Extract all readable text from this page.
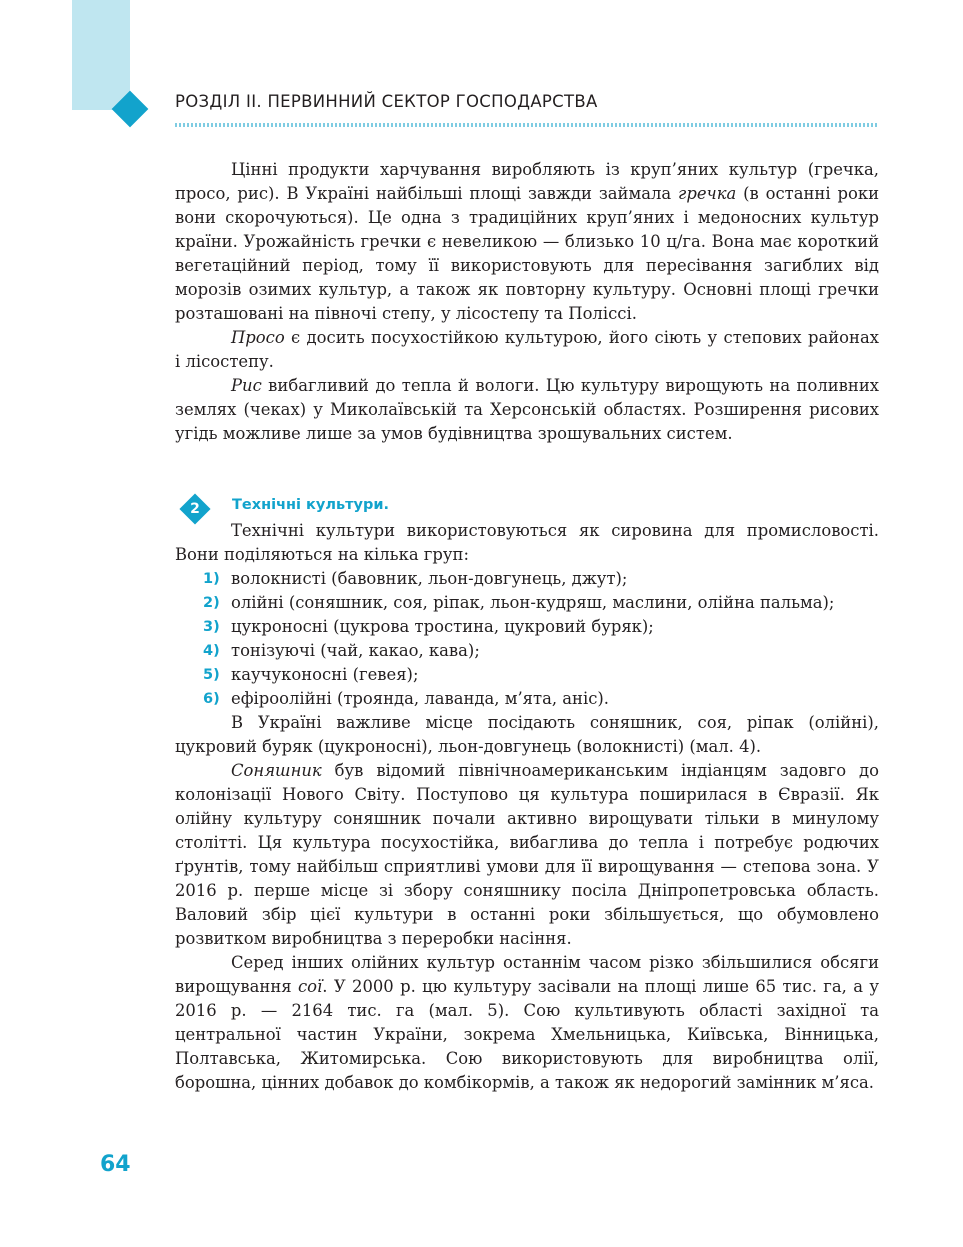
РОЗДІЛ ІІ. ПЕРВИННИЙ СЕКТОР ГОСПОДАРСТВА

Цінні продукти харчування виробляють із круп’яних культур (гречка, просо, рис). В Україні найбільші площі завжди займала гречка (в останні роки вони скорочуються). Це одна з традиційних круп’яних і медоносних культур країни. Урожайність гречки є невеликою — близько 10 ц/га. Вона має короткий вегетаційний період, тому її використовують для пересівання загиблих від морозів озимих культур, а також як повторну культуру. Основні площі гречки розташовані на півночі степу, у лісостепу та Поліссі.

Просо є досить посухостійкою культурою, його сіють у степових районах і лісостепу.

Рис вибагливий до тепла й вологи. Цю культуру вирощують на поливних землях (чеках) у Миколаївській та Херсонській областях. Розширення рисових угідь можливе лише за умов будівництва зрошувальних систем.

2	Технічні культури.

Технічні культури використовуються як сировина для промисловості. Вони поділяються на кілька груп:

1) волокнисті (бавовник, льон-довгунець, джут);
2) олійні (соняшник, соя, ріпак, льон-кудряш, маслини, олійна пальма);
3) цукроносні (цукрова тростина, цукровий буряк);
4) тонізуючі (чай, какао, кава);
5) каучуконосні (гевея);
6) ефіроолійні (троянда, лаванда, м’ята, аніс).

В Україні важливе місце посідають соняшник, соя, ріпак (олійні), цукровий буряк (цукроносні), льон-довгунець (волокнисті) (мал. 4).

Соняшник був відомий північноамериканським індіанцям задовго до колонізації Нового Світу. Поступово ця культура поширилася в Євразії. Як олійну культуру соняшник почали активно вирощувати тільки в минулому столітті. Ця культура посухостійка, вибаглива до тепла і потребує родючих ґрунтів, тому найбільш сприятливі умови для її вирощування — степова зона. У 2016 р. перше місце зі збору соняшнику посіла Дніпропетровська область. Валовий збір цієї культури в останні роки збільшується, що обумовлено розвитком виробництва з переробки насіння.

Серед інших олійних культур останнім часом різко збільшилися обсяги вирощування сої. У 2000 р. цю культуру засівали на площі лише 65 тис. га, а у 2016 р. — 2164 тис. га (мал. 5). Сою культивують області західної та центральної частин України, зокрема Хмельницька, Київська, Вінницька, Полтавська, Житомирська. Сою використовують для виробництва олії, борошна, цінних добавок до комбікормів, а також як недорогий замінник м’яса.

64
